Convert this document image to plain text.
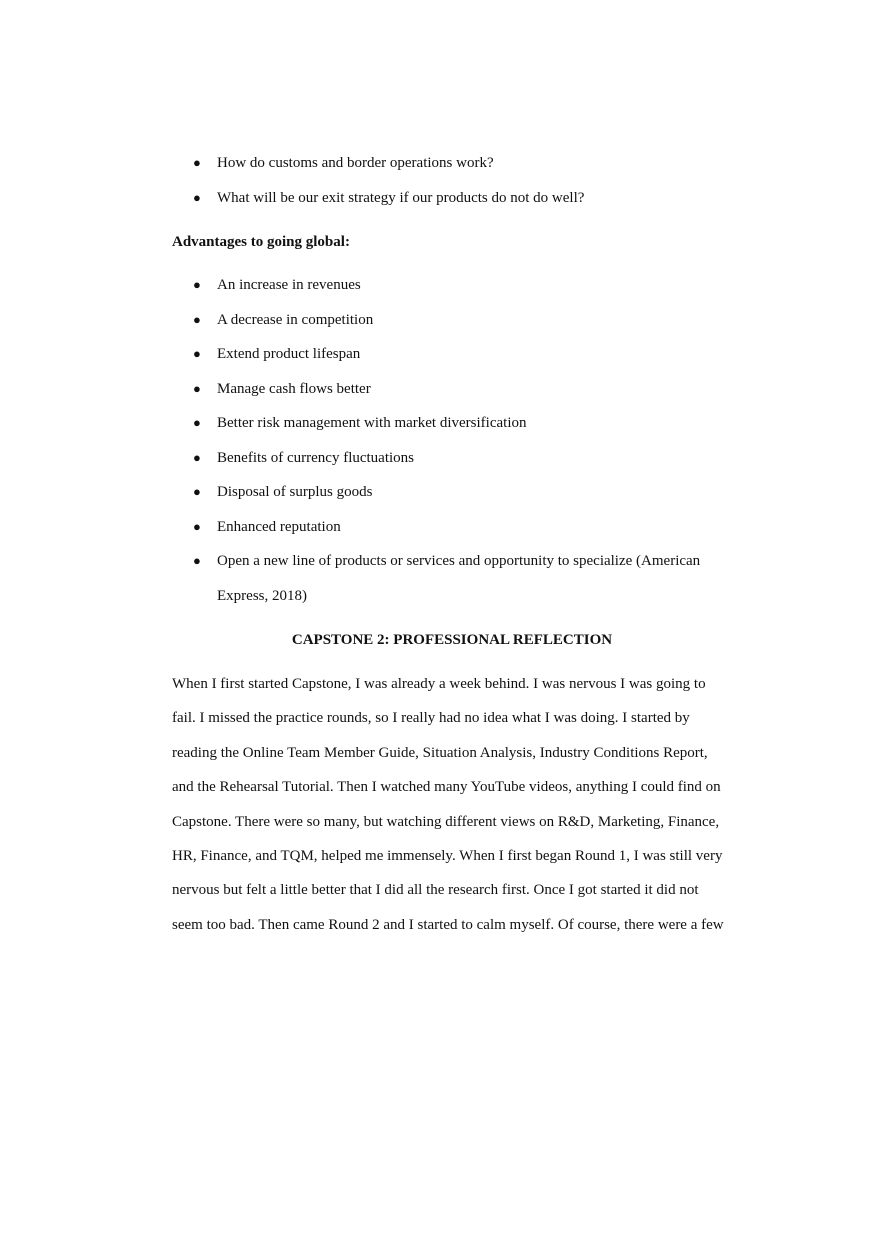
● How do customs and border operations work?
● What will be our exit strategy if our products do not do well?
Advantages to going global:
● An increase in revenues
● A decrease in competition
● Extend product lifespan
● Manage cash flows better
● Better risk management with market diversification
● Benefits of currency fluctuations
● Disposal of surplus goods
● Enhanced reputation
● Open a new line of products or services and opportunity to specialize (American
Express, 2018)
CAPSTONE 2: PROFESSIONAL REFLECTION

When I first started Capstone, I was already a week behind. I was nervous I was going to
fail. I missed the practice rounds, so I really had no idea what I was doing. I started by
reading the Online Team Member Guide, Situation Analysis, Industry Conditions Report,
and the Rehearsal Tutorial. Then I watched many YouTube videos, anything I could find on
Capstone. There were so many, but watching different views on R&D, Marketing, Finance,
HR, Finance, and TQM, helped me immensely. When I first began Round 1, I was still very
nervous but felt a little better that I did all the research first. Once I got started it did not
seem too bad. Then came Round 2 and I started to calm myself. Of course, there were a few
